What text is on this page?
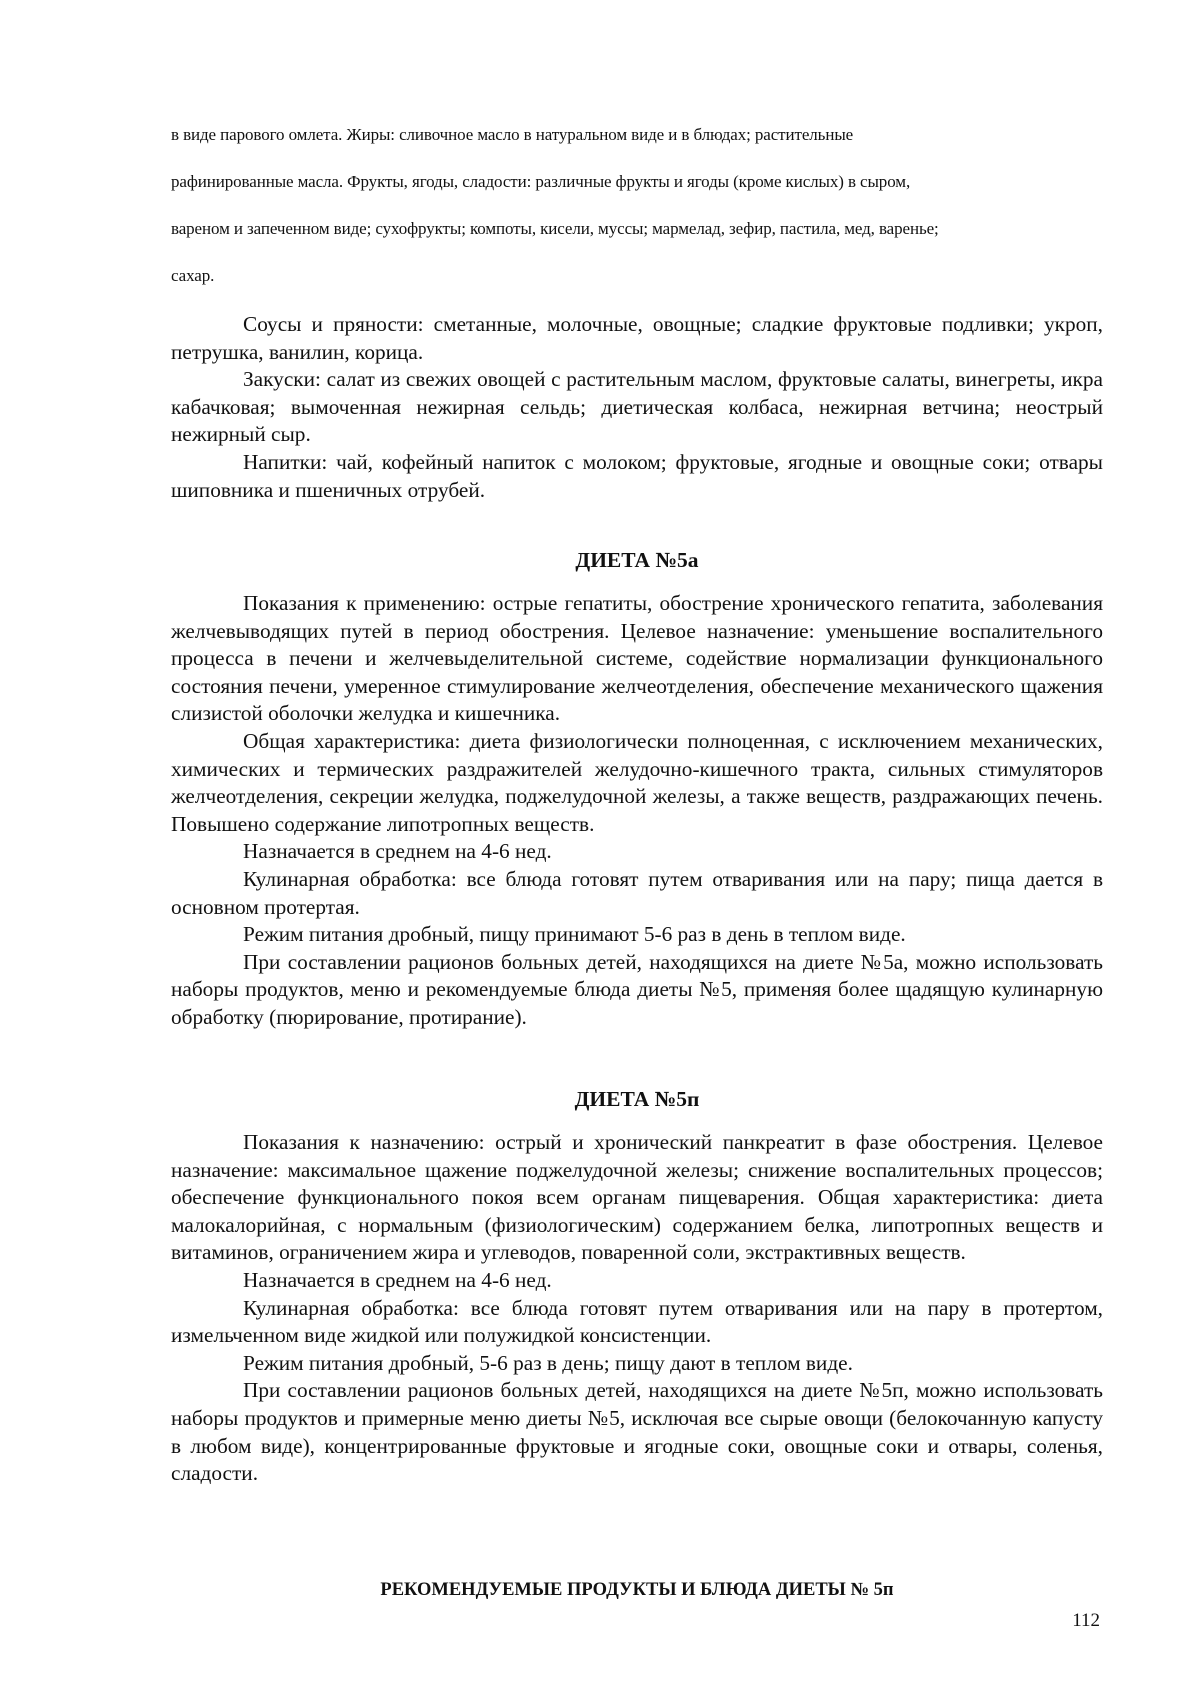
в виде парового омлета. Жиры: сливочное масло в натуральном виде и в блюдах; растительные

рафинированные масла. Фрукты, ягоды, сладости: различные фрукты и ягоды (кроме кислых) в сыром,

вареном и запеченном виде; сухофрукты; компоты, кисели, муссы; мармелад, зефир, пастила, мед, варенье;

сахар.

Соусы и пряности: сметанные, молочные, овощные; сладкие фруктовые подливки; укроп, петрушка, ванилин, корица.

Закуски: салат из свежих овощей с растительным маслом, фруктовые салаты, винегреты, икра кабачковая; вымоченная нежирная сельдь; диетическая колбаса, нежирная ветчина; неострый нежирный сыр.

Напитки: чай, кофейный напиток с молоком; фруктовые, ягодные и овощные соки; отвары шиповника и пшеничных отрубей.

ДИЕТА №5а

Показания к применению: острые гепатиты, обострение хронического гепатита, заболевания желчевыводящих путей в период обострения. Целевое назначение: уменьшение воспалительного процесса в печени и желчевыделительной системе, содействие нормализации функционального состояния печени, умеренное стимулирование желчеотделения, обеспечение механического щажения слизистой оболочки желудка и кишечника.

Общая характеристика: диета физиологически полноценная, с исключением механических, химических и термических раздражителей желудочно-кишечного тракта, сильных стимуляторов желчеотделения, секреции желудка, поджелудочной железы, а также веществ, раздражающих печень. Повышено содержание липотропных веществ.

Назначается в среднем на 4-6 нед.

Кулинарная обработка: все блюда готовят путем отваривания или на пару; пища дается в основном протертая.

Режим питания дробный, пищу принимают 5-6 раз в день в теплом виде.

При составлении рационов больных детей, находящихся на диете №5а, можно использовать наборы продуктов, меню и рекомендуемые блюда диеты №5, применяя более щадящую кулинарную обработку (пюрирование, протирание).

ДИЕТА №5п

Показания к назначению: острый и хронический панкреатит в фазе обострения. Целевое назначение: максимальное щажение поджелудочной железы; снижение воспалительных процессов; обеспечение функционального покоя всем органам пищеварения. Общая характеристика: диета малокалорийная, с нормальным (физиологическим) содержанием белка, липотропных веществ и витаминов, ограничением жира и углеводов, поваренной соли, экстрактивных веществ.

Назначается в среднем на 4-6 нед.

Кулинарная обработка: все блюда готовят путем отваривания или на пару в протертом, измельченном виде жидкой или полужидкой консистенции.

Режим питания дробный, 5-6 раз в день; пищу дают в теплом виде.

При составлении рационов больных детей, находящихся на диете №5п, можно использовать наборы продуктов и примерные меню диеты №5, исключая все сырые овощи (белокочанную капусту в любом виде), концентрированные фруктовые и ягодные соки, овощные соки и отвары, соленья, сладости.

РЕКОМЕНДУЕМЫЕ ПРОДУКТЫ И БЛЮДА ДИЕТЫ № 5п
112
